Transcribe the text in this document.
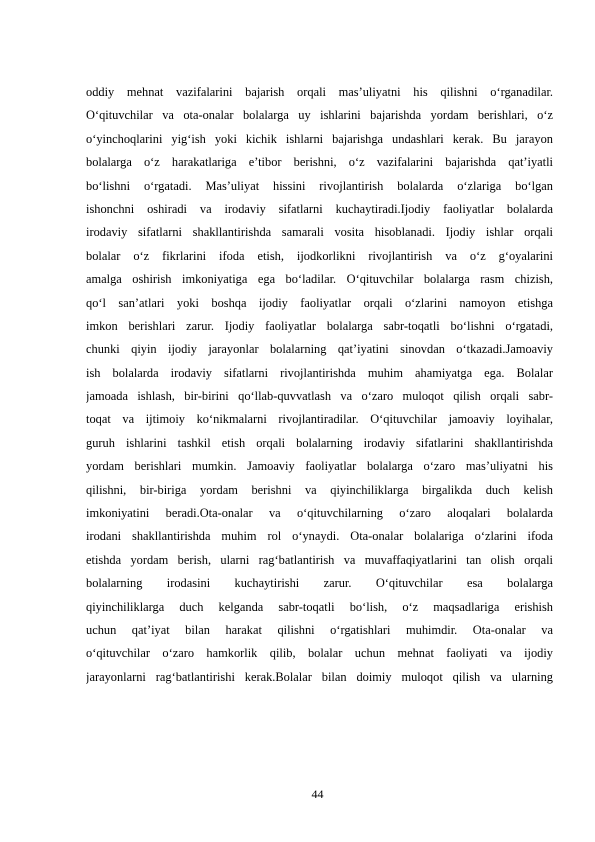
oddiy mehnat vazifalarini bajarish orqali mas’uliyatni his qilishni o‘rganadilar.
O‘qituvchilar va ota-onalar bolalarga uy ishlarini bajarishda yordam berishlari, o‘z
o‘yinchoqlarini yig‘ish yoki kichik ishlarni bajarishga undashlari kerak. Bu jarayon
bolalarga o‘z harakatlariga e’tibor berishni, o‘z vazifalarini bajarishda qat’iyatli
bo‘lishni o‘rgatadi. Mas’uliyat hissini rivojlantirish bolalarda o‘zlariga bo‘lgan
ishonchni oshiradi va irodaviy sifatlarni kuchaytiradi.Ijodiy faoliyatlar bolalarda
irodaviy sifatlarni shakllantirishda samarali vosita hisoblanadi. Ijodiy ishlar orqali
bolalar o‘z fikrlarini ifoda etish, ijodkorlikni rivojlantirish va o‘z g‘oyalarini
amalga oshirish imkoniyatiga ega bo‘ladilar. O‘qituvchilar bolalarga rasm chizish,
qo‘l san’atlari yoki boshqa ijodiy faoliyatlar orqali o‘zlarini namoyon etishga
imkon berishlari zarur. Ijodiy faoliyatlar bolalarga sabr-toqatli bo‘lishni o‘rgatadi,
chunki qiyin ijodiy jarayonlar bolalarning qat’iyatini sinovdan o‘tkazadi.Jamoaviy
ish bolalarda irodaviy sifatlarni rivojlantirishda muhim ahamiyatga ega. Bolalar
jamoada ishlash, bir-birini qo‘llab-quvvatlash va o‘zaro muloqot qilish orqali sabr-
toqat va ijtimoiy ko‘nikmalarni rivojlantiradilar. O‘qituvchilar jamoaviy loyihalar,
guruh ishlarini tashkil etish orqali bolalarning irodaviy sifatlarini shakllantirishda
yordam berishlari mumkin. Jamoaviy faoliyatlar bolalarga o‘zaro mas’uliyatni his
qilishni, bir-biriga yordam berishni va qiyinchiliklarga birgalikda duch kelish
imkoniyatini beradi.Ota-onalar va o‘qituvchilarning o‘zaro aloqalari bolalarda
irodani shakllantirishda muhim rol o‘ynaydi. Ota-onalar bolalariga o‘zlarini ifoda
etishda yordam berish, ularni rag‘batlantirish va muvaffaqiyatlarini tan olish orqali
bolalarning irodasini kuchaytirishi zarur. O‘qituvchilar esa bolalarga
qiyinchiliklarga duch kelganda sabr-toqatli bo‘lish, o‘z maqsadlariga erishish
uchun qat’iyat bilan harakat qilishni o‘rgatishlari muhimdir. Ota-onalar va
o‘qituvchilar o‘zaro hamkorlik qilib, bolalar uchun mehnat faoliyati va ijodiy
jarayonlarni rag‘batlantirishi kerak.Bolalar bilan doimiy muloqot qilish va ularning
44
